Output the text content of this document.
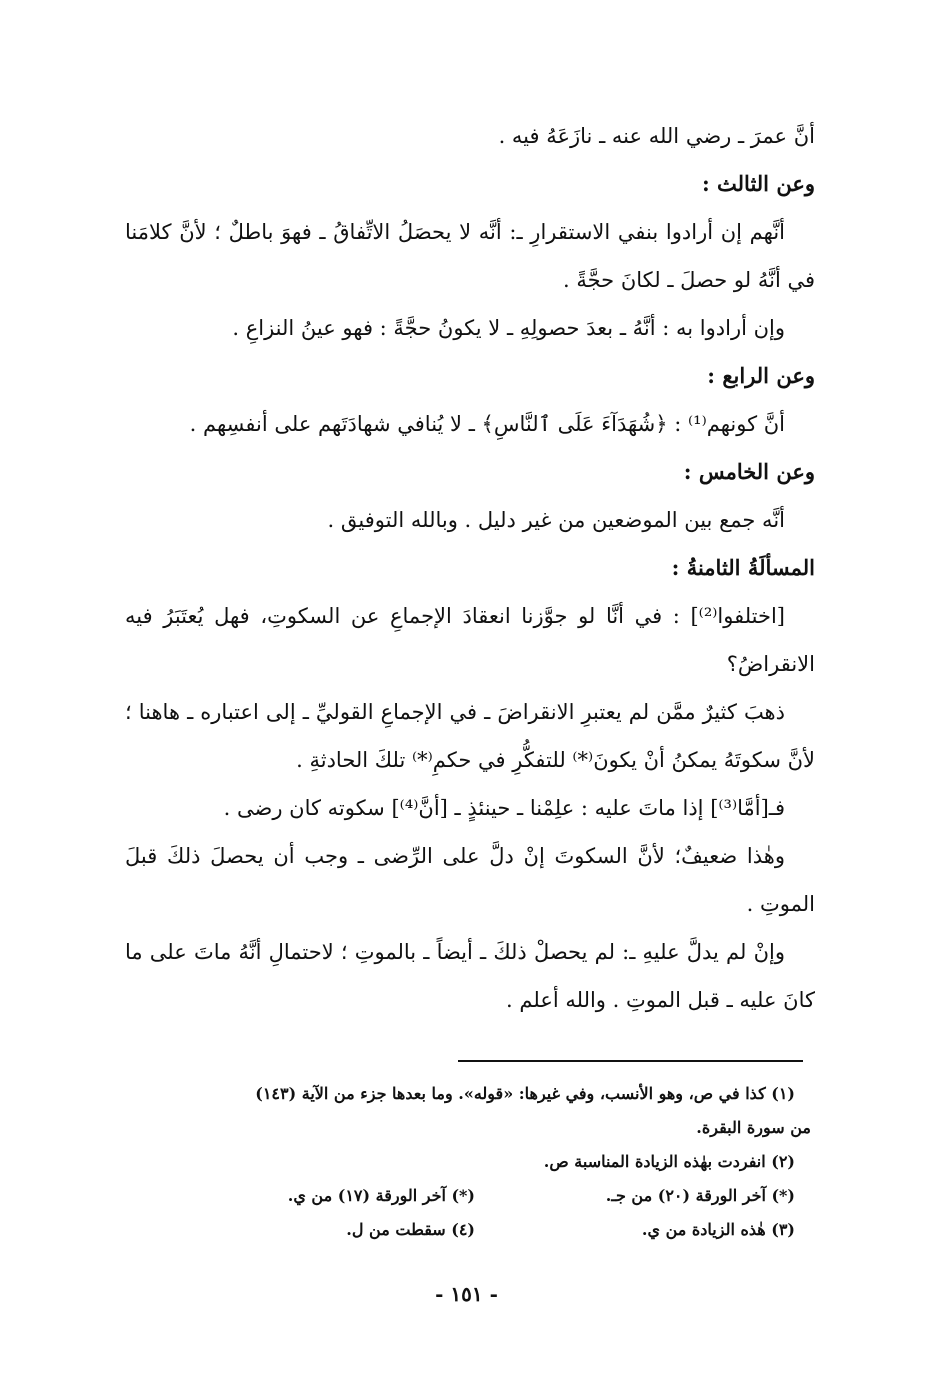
أنَّ عمرَ ـ رضي الله عنه ـ نازَعَهُ فيه .

وعن الثالث :

أنَّهم إن أرادوا بنفي الاستقرارِ ـ: أنَّه لا يحصَلُ الاتِّفاقُ ـ فهوَ باطلٌ ؛ لأنَّ كلامَنا في أنَّهُ لو حصلَ ـ لكانَ حجَّةً .

وإن أرادوا به : أنَّهُ ـ بعدَ حصولِهِ ـ لا يكونُ حجَّةً : فهو عينُ النزاعِ .

وعن الرابع :

أنَّ كونهم⁽¹⁾ : ﴿شُهَدَآءَ عَلَى ٱلنَّاسِ﴾ ـ لا يُنافي شهادَتَهم على أنفسِهم .

وعن الخامس :

أنَّه جمع بين الموضعين من غير دليل . وبالله التوفيق .

المسألَةُ الثامنةُ :

[اختلفوا⁽²⁾] : في أنَّا لو جوَّزنا انعقادَ الإجماعِ عن السكوتِ، فهل يُعتَبَرُ فيه الانقراضُ؟

ذهبَ كثيرٌ ممَّن لم يعتبرِ الانقراضَ ـ في الإجماعِ القوليِّ ـ إلى اعتباره ـ هاهنا ؛ لأنَّ سكوتَهُ يمكنُ أنْ يكونَ⁽*⁾ للتفكُّرِ في حكمِ⁽*⁾ تلكَ الحادثةِ .

فـ[أمَّا⁽³⁾] إذا ماتَ عليه : علِمْنا ـ حينئذٍ ـ [أنَّ⁽⁴⁾] سكوته كان رضى .

وهٰذا ضعيفٌ؛ لأنَّ السكوتَ إنْ دلَّ على الرِّضى ـ وجب أن يحصلَ ذلكَ قبلَ الموتِ .

وإنْ لم يدلَّ عليهِ ـ: لم يحصلْ ذلكَ ـ أيضاً ـ بالموتِ ؛ لاحتمالِ أنَّهُ ماتَ على ما كانَ عليه ـ قبل الموتِ . والله أعلم .

(١) كذا في ص، وهو الأنسب، وفي غيرها: «قوله». وما بعدها جزء من الآية (١٤٣)

من سورة البقرة.

(٢) انفردت بهٰذه الزيادة المناسبة ص.

(*) آخر الورقة (٢٠) من جـ.
(*) آخر الورقة (١٧) من ي.
(٣) هٰذه الزيادة من ي.
(٤) سقطت من ل.
- ١٥١ -
